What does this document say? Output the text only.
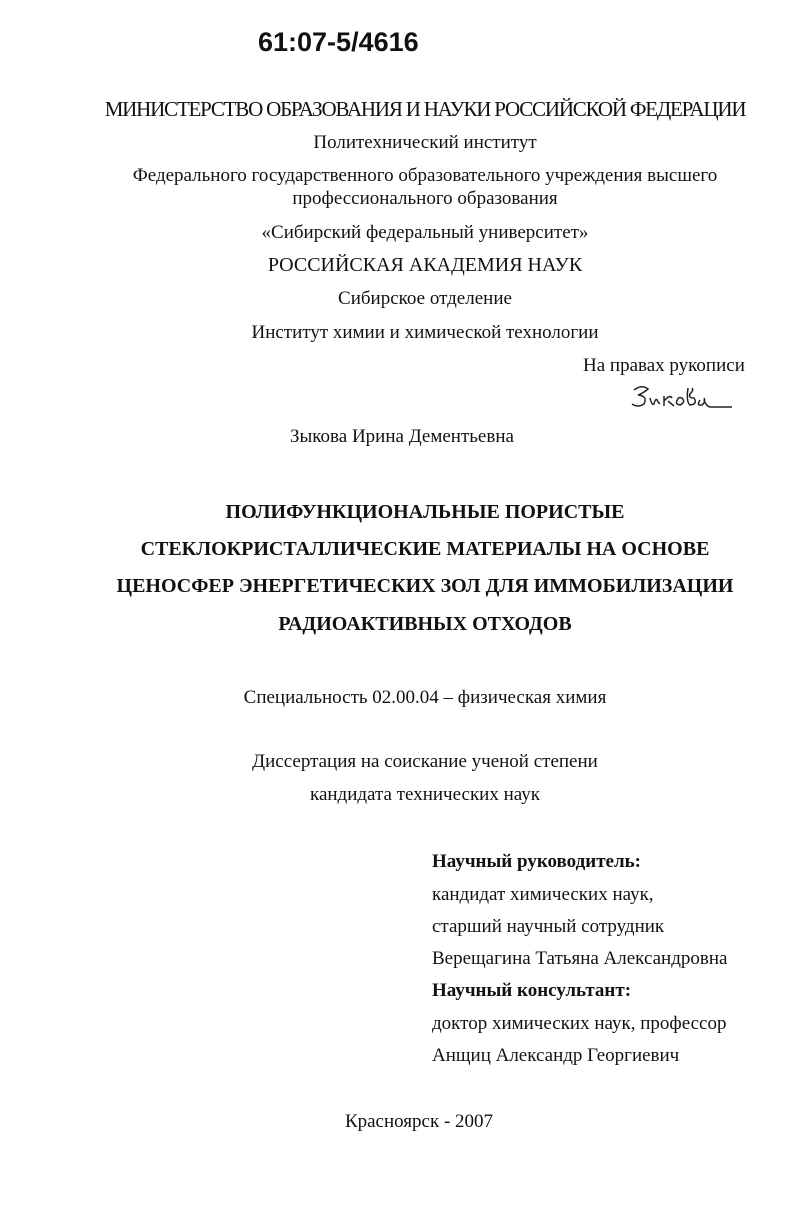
61:07-5/4616
МИНИСТЕРСТВО ОБРАЗОВАНИЯ И НАУКИ РОССИЙСКОЙ ФЕДЕРАЦИИ
Политехнический институт
Федерального государственного образовательного учреждения высшего
профессионального образования
«Сибирский федеральный университет»
РОССИЙСКАЯ АКАДЕМИЯ НАУК
Сибирское отделение
Институт химии и химической технологии
На правах рукописи
Зыкова Ирина Дементьевна
ПОЛИФУНКЦИОНАЛЬНЫЕ ПОРИСТЫЕ
СТЕКЛОКРИСТАЛЛИЧЕСКИЕ МАТЕРИАЛЫ НА ОСНОВЕ
ЦЕНОСФЕР ЭНЕРГЕТИЧЕСКИХ ЗОЛ ДЛЯ ИММОБИЛИЗАЦИИ
РАДИОАКТИВНЫХ ОТХОДОВ
Специальность 02.00.04 – физическая химия
Диссертация на соискание ученой степени
кандидата технических наук
Научный руководитель:
кандидат химических наук,
старший научный сотрудник
Верещагина Татьяна Александровна
Научный консультант:
доктор химических наук, профессор
Анщиц Александр Георгиевич
Красноярск - 2007
